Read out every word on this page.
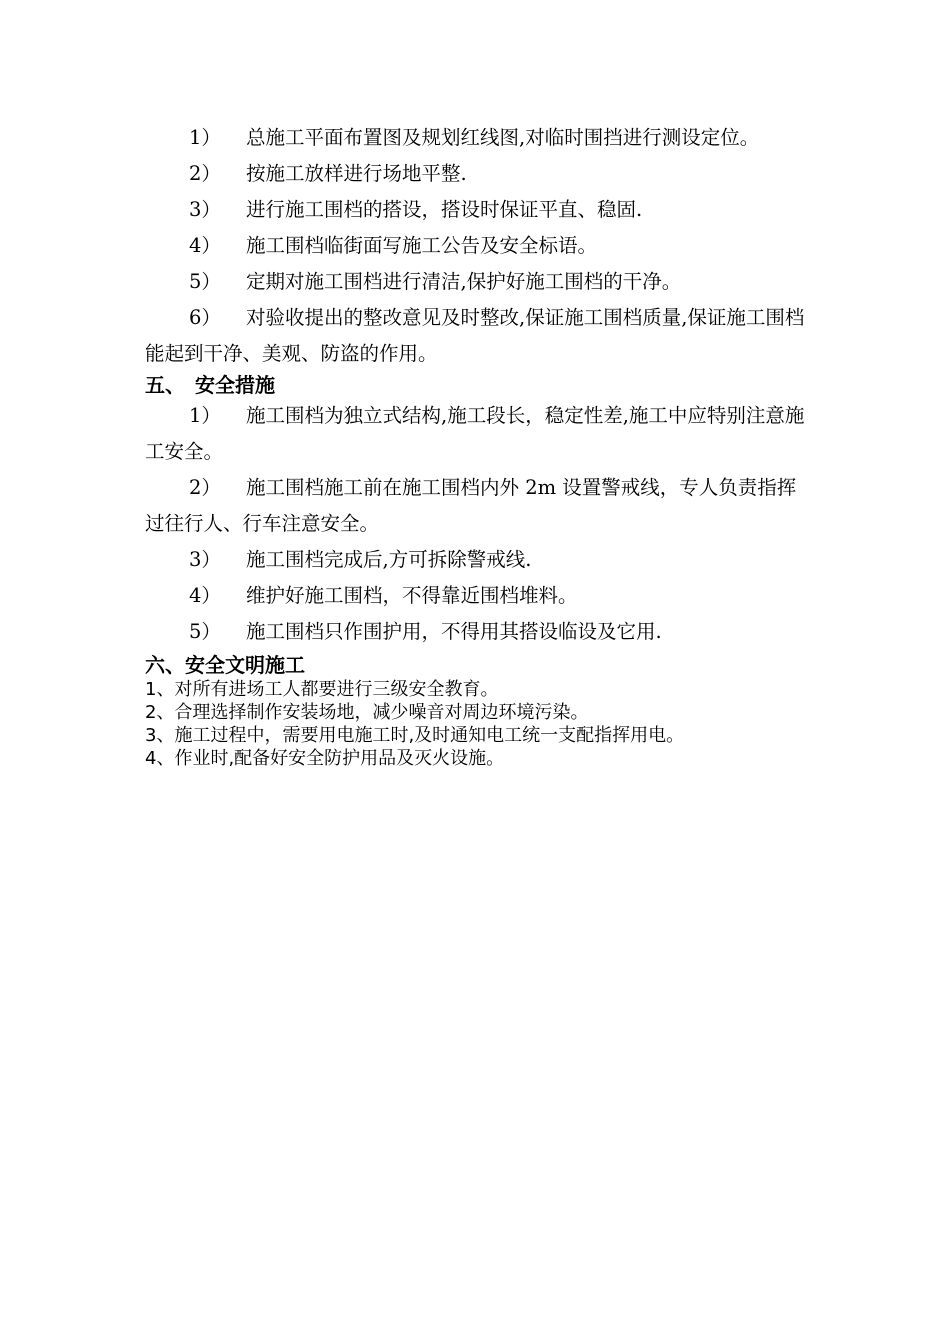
1） 总施工平面布置图及规划红线图,对临时围挡进行测设定位。

2） 按施工放样进行场地平整.

3） 进行施工围档的搭设，搭设时保证平直、稳固.

4） 施工围档临街面写施工公告及安全标语。

5） 定期对施工围档进行清洁,保护好施工围档的干净。

6） 对验收提出的整改意见及时整改,保证施工围档质量,保证施工围档能起到干净、美观、防盗的作用。

五、 安全措施

1） 施工围档为独立式结构,施工段长，稳定性差,施工中应特别注意施工安全。

2） 施工围档施工前在施工围档内外 2m 设置警戒线，专人负责指挥过往行人、行车注意安全。

3） 施工围档完成后,方可拆除警戒线.

4） 维护好施工围档，不得靠近围档堆料。

5） 施工围档只作围护用，不得用其搭设临设及它用.

六、安全文明施工

1、对所有进场工人都要进行三级安全教育。

2、合理选择制作安装场地，减少噪音对周边环境污染。

3、施工过程中，需要用电施工时,及时通知电工统一支配指挥用电。

4、作业时,配备好安全防护用品及灭火设施。
